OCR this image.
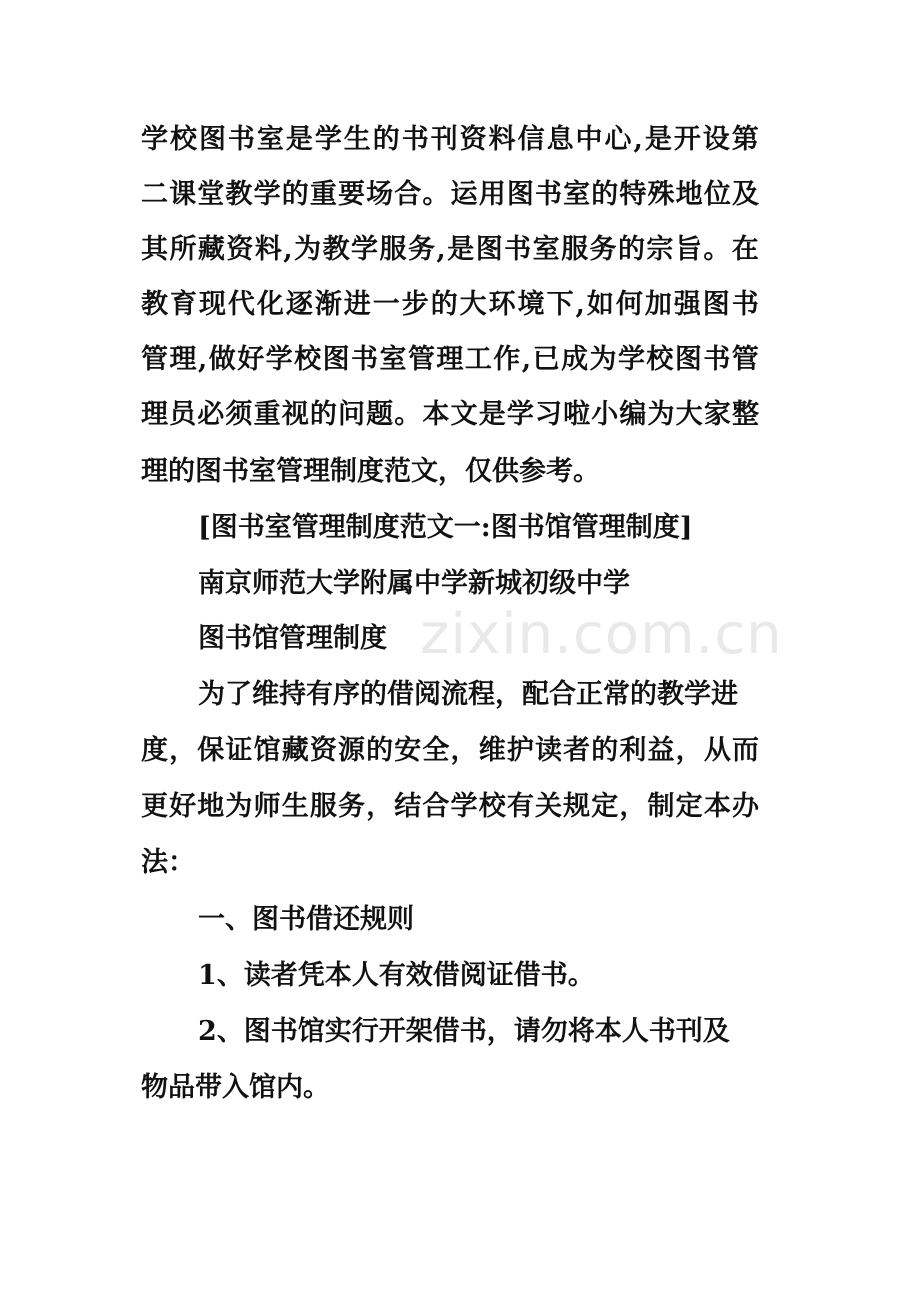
学 校 图 书 室 是 学 生 的 书 刊 资 料 信 息 中 心 , 是 开 设 第
二 课 堂 教 学 的 重 要 场 合 。 运 用 图 书 室 的 特 殊 地 位 及
其 所 藏 资 料 , 为 教 学 服 务 , 是 图 书 室 服 务 的 宗 旨 。 在
教 育 现 代 化 逐 渐 进 一 步 的 大 环 境 下 , 如 何 加 强 图 书
管 理 , 做 好 学 校 图 书 室 管 理 工 作 , 已 成 为 学 校 图 书 管
理 员 必 须 重 视 的 问 题 。 本 文 是 学 习 啦 小 编 为 大 家 整
理的图书室管理制度范文，仅供参考。
[图书室管理制度范文一:图书馆管理制度]
南京师范大学附属中学新城初级中学
图书馆管理制度
为了维持有序的借阅流程，配合正常的教学进
度 ， 保 证 馆 藏 资 源 的 安 全 ， 维 护 读 者 的 利 益 ， 从 而
更 好 地 为 师 生 服 务 ， 结 合 学 校 有 关 规 定 ， 制 定 本 办
法：
一、图书借还规则
1、读者凭本人有效借阅证借书。
2、图书馆实行开架借书，请勿将本人书刊及
物品带入馆内。
zixin.com.cn
